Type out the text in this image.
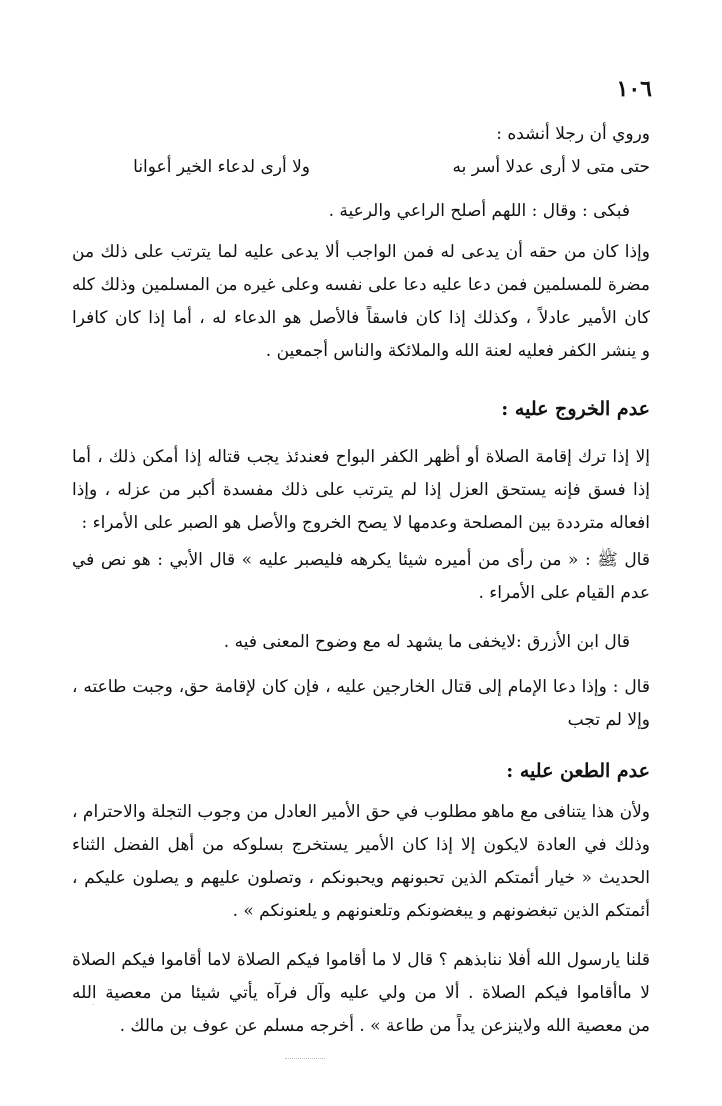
١٠٦
وروي أن رجلا أنشده :
حتى متى لا أرى عدلا أسر به
ولا أرى لدعاء الخير أعوانا
فبكى : وقال : اللهم أصلح الراعي والرعية .
وإذا كان من حقه أن يدعى له فمن الواجب ألا يدعى عليه لما يترتب على ذلك من
مضرة للمسلمين فمن دعا عليه دعا على نفسه وعلى غيره من المسلمين وذلك كله
كان الأمير عادلاً ، وكذلك إذا كان فاسقاً فالأصل هو الدعاء له ، أما إذا كان كافرا
و ينشر الكفر فعليه لعنة الله والملائكة والناس أجمعين .
عدم الخروج عليه :
إلا إذا ترك إقامة الصلاة أو أظهر الكفر البواح فعندئذ يجب قتاله إذا أمكن ذلك ، أما
إذا فسق فإنه يستحق العزل إذا لم يترتب على ذلك مفسدة أكبر من عزله ، وإذا
افعاله مترددة بين المصلحة وعدمها لا يصح الخروج والأصل هو الصبر على الأمراء :
قال ﷺ : « من رأى من أميره شيئا يكرهه فليصبر عليه » قال الأُبي : هو نص في
عدم القيام على الأمراء .
قال ابن الأزرق :لايخفى ما يشهد له مع وضوح المعنى فيه .
قال : وإذا دعا الإمام إلى قتال الخارجين عليه ، فإن كان لإقامة حق، وجبت طاعته ،
وإلا لم تجب
عدم الطعن عليه :
ولأن هذا يتنافى مع ماهو مطلوب في حق الأمير العادل من وجوب التجلة والاحترام ،
وذلك في العادة لايكون إلا إذا كان الأمير يستخرج بسلوكه من أهل الفضل الثناء
الحديث « خيار أئمتكم الذين تحبونهم ويحبونكم ، وتصلون عليهم و يصلون عليكم ،
أئمتكم الذين تبغضونهم و يبغضونكم وتلعنونهم و يلعنونكم » .
قلنا يارسول الله أفلا ننابذهم ؟ قال لا ما أقاموا فيكم الصلاة لاما أقاموا فيكم الصلاة
لا ماأقاموا فيكم الصلاة . ألا من ولي عليه وآل فرآه يأتي شيئا من معصية الله
من معصية الله ولاينزعن يداً من طاعة » . أخرجه مسلم عن عوف بن مالك .
